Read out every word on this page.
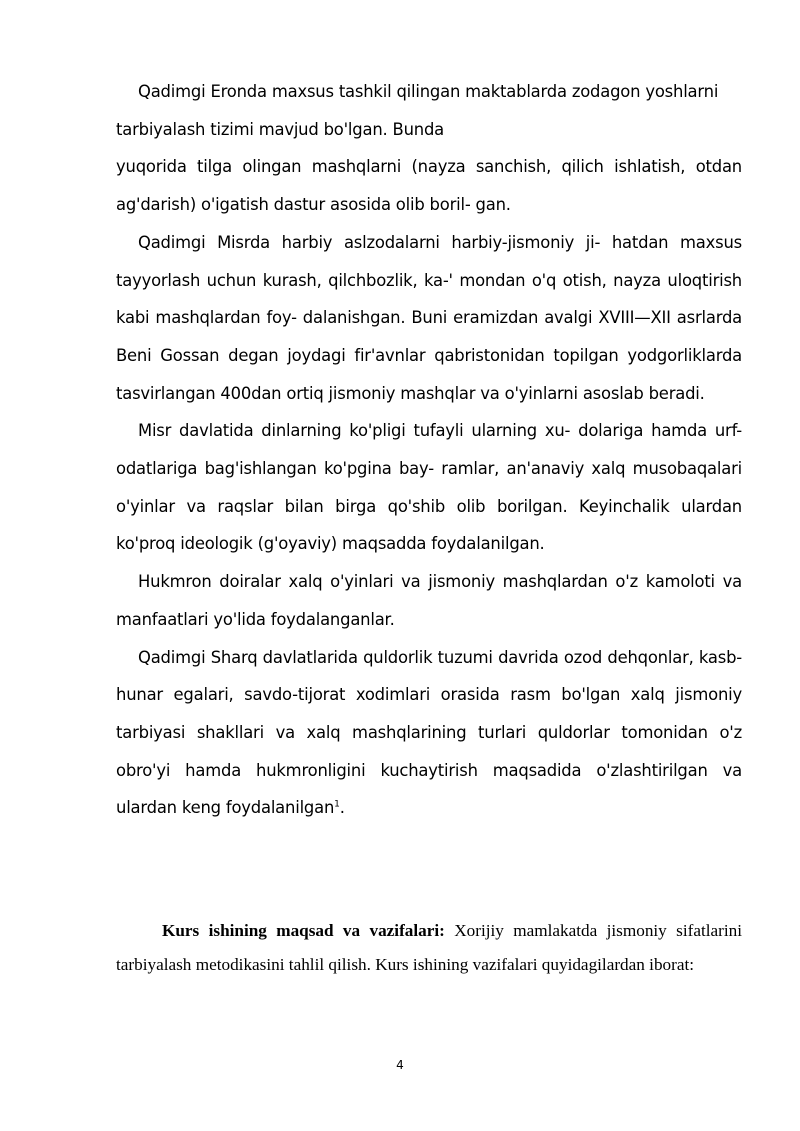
Qadimgi Eronda maxsus tashkil qilingan maktablarda zodagon yoshlarni tarbiyalash tizimi mavjud bo'lgan. Bunda

yuqorida tilga olingan mashqlarni (nayza sanchish, qilich ishlatish, otdan ag'darish) o'igatish dastur asosida olib boril- gan.

Qadimgi Misrda harbiy aslzodalarni harbiy-jismoniy ji- hatdan maxsus tayyorlash uchun kurash, qilchbozlik, ka-' mondan o'q otish, nayza uloqtirish kabi mashqlardan foy- dalanishgan. Buni eramizdan avalgi XVIII—XII asrlarda Beni Gossan degan joydagi fir'avnlar qabristonidan topilgan yodgorliklarda tasvirlangan 400dan ortiq jismoniy mashqlar va o'yinlarni asoslab beradi.

Misr davlatida dinlarning ko'pligi tufayli ularning xu- dolariga hamda urf-odatlariga bag'ishlangan ko'pgina bay- ramlar, an'anaviy xalq musobaqalari o'yinlar va raqslar bilan birga qo'shib olib borilgan. Keyinchalik ulardan ko'proq ideologik (g'oyaviy) maqsadda foydalanilgan.

Hukmron doiralar xalq o'yinlari va jismoniy mashqlardan o'z kamoloti va manfaatlari yo'lida foydalanganlar.

Qadimgi Sharq davlatlarida quldorlik tuzumi davrida ozod dehqonlar, kasb-hunar egalari, savdo-tijorat xodimlari orasida rasm bo'lgan xalq jismoniy tarbiyasi shakllari va xalq mashqlarining turlari quldorlar tomonidan o'z obro'yi hamda hukmronligini kuchaytirish maqsadida o'zlashtirilgan va ulardan keng foydalanilgan$^1$.

Kurs ishining maqsad va vazifalari: Xorijiy mamlakatda jismoniy sifatlarini tarbiyalash metodikasini tahlil qilish. Kurs ishining vazifalari quyidagilardan iborat:

4
